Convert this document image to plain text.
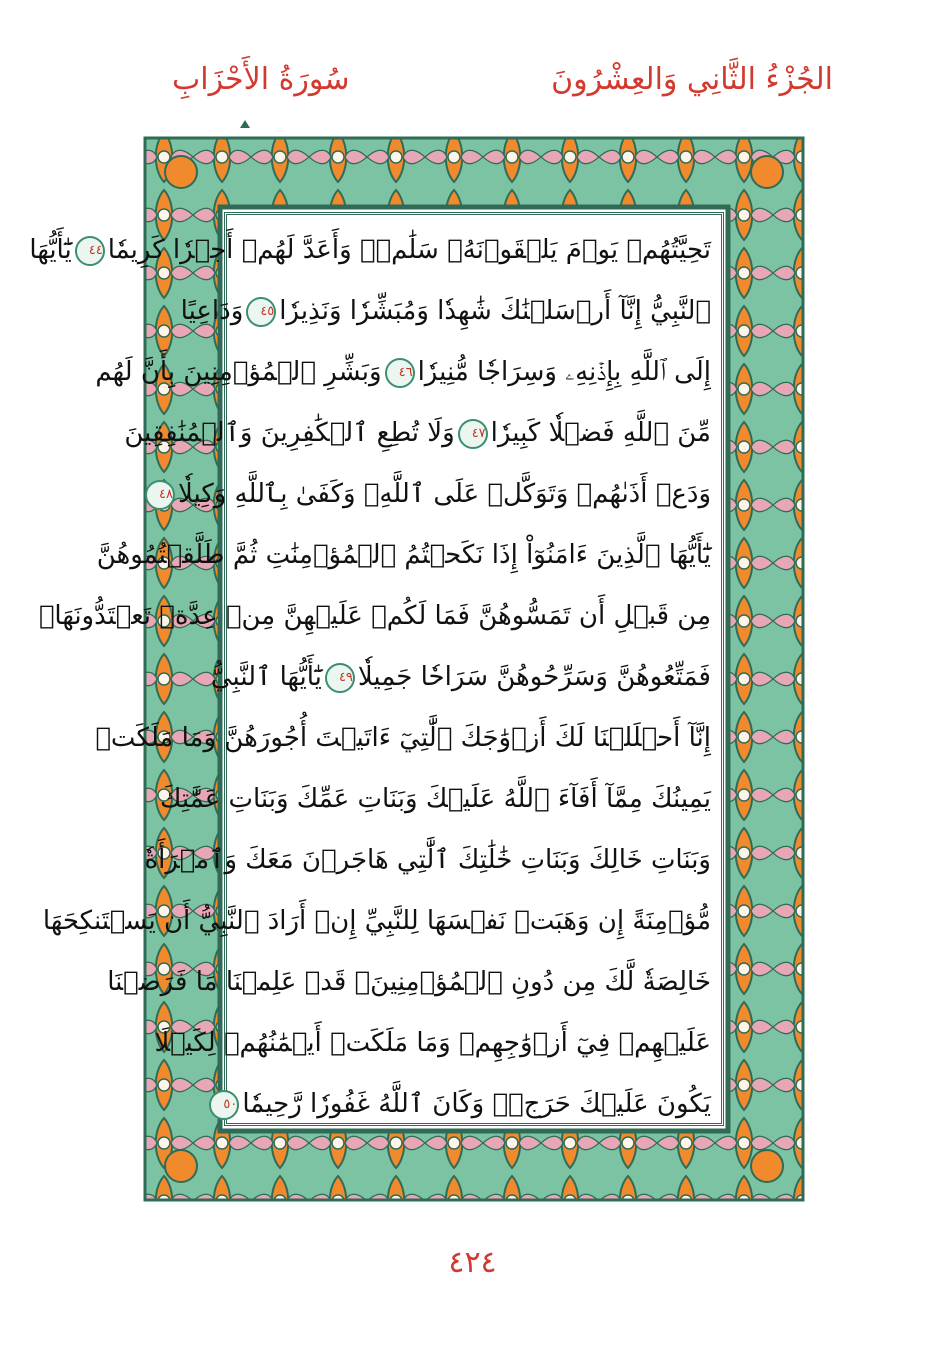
الجُزْءُ الثَّانِي وَالعِشْرُونَ
سُورَةُ الأَحْزَابِ
تَحِيَّتُهُمۡ يَوۡمَ يَلۡقَوۡنَهُۥ سَلَٰمٞۚ وَأَعَدَّ لَهُمۡ أَجۡرٗا كَرِيمٗا٤٤يَٰٓأَيُّهَا
ٱلنَّبِيُّ إِنَّآ أَرۡسَلۡنَٰكَ شَٰهِدٗا وَمُبَشِّرٗا وَنَذِيرٗا٤٥وَدَاعِيًا
إِلَى ٱللَّهِ بِإِذۡنِهِۦ وَسِرَاجٗا مُّنِيرٗا٤٦وَبَشِّرِ ٱلۡمُؤۡمِنِينَ بِأَنَّ لَهُم
مِّنَ ٱللَّهِ فَضۡلٗا كَبِيرٗا٤٧وَلَا تُطِعِ ٱلۡكَٰفِرِينَ وَٱلۡمُنَٰفِقِينَ
وَدَعۡ أَذَىٰهُمۡ وَتَوَكَّلۡ عَلَى ٱللَّهِۚ وَكَفَىٰ بِٱللَّهِ وَكِيلٗا٤٨
يَٰٓأَيُّهَا ٱلَّذِينَ ءَامَنُوٓاْ إِذَا نَكَحۡتُمُ ٱلۡمُؤۡمِنَٰتِ ثُمَّ طَلَّقۡتُمُوهُنَّ
مِن قَبۡلِ أَن تَمَسُّوهُنَّ فَمَا لَكُمۡ عَلَيۡهِنَّ مِنۡ عِدَّةٖ تَعۡتَدُّونَهَاۖ
فَمَتِّعُوهُنَّ وَسَرِّحُوهُنَّ سَرَاحٗا جَمِيلٗا٤٩يَٰٓأَيُّهَا ٱلنَّبِيُّ
إِنَّآ أَحۡلَلۡنَا لَكَ أَزۡوَٰجَكَ ٱلَّٰتِيٓ ءَاتَيۡتَ أُجُورَهُنَّ وَمَا مَلَكَتۡ
يَمِينُكَ مِمَّآ أَفَآءَ ٱللَّهُ عَلَيۡكَ وَبَنَاتِ عَمِّكَ وَبَنَاتِ عَمَّٰتِكَ
وَبَنَاتِ خَالِكَ وَبَنَاتِ خَٰلَٰتِكَ ٱلَّٰتِي هَاجَرۡنَ مَعَكَ وَٱمۡرَأَةٗ
مُّؤۡمِنَةً إِن وَهَبَتۡ نَفۡسَهَا لِلنَّبِيِّ إِنۡ أَرَادَ ٱلنَّبِيُّ أَن يَسۡتَنكِحَهَا
خَالِصَةٗ لَّكَ مِن دُونِ ٱلۡمُؤۡمِنِينَۗ قَدۡ عَلِمۡنَا مَا فَرَضۡنَا
عَلَيۡهِمۡ فِيٓ أَزۡوَٰجِهِمۡ وَمَا مَلَكَتۡ أَيۡمَٰنُهُمۡ لِكَيۡلَا
يَكُونَ عَلَيۡكَ حَرَجٞۗ وَكَانَ ٱللَّهُ غَفُورٗا رَّحِيمٗا٥٠
٤٢٤
